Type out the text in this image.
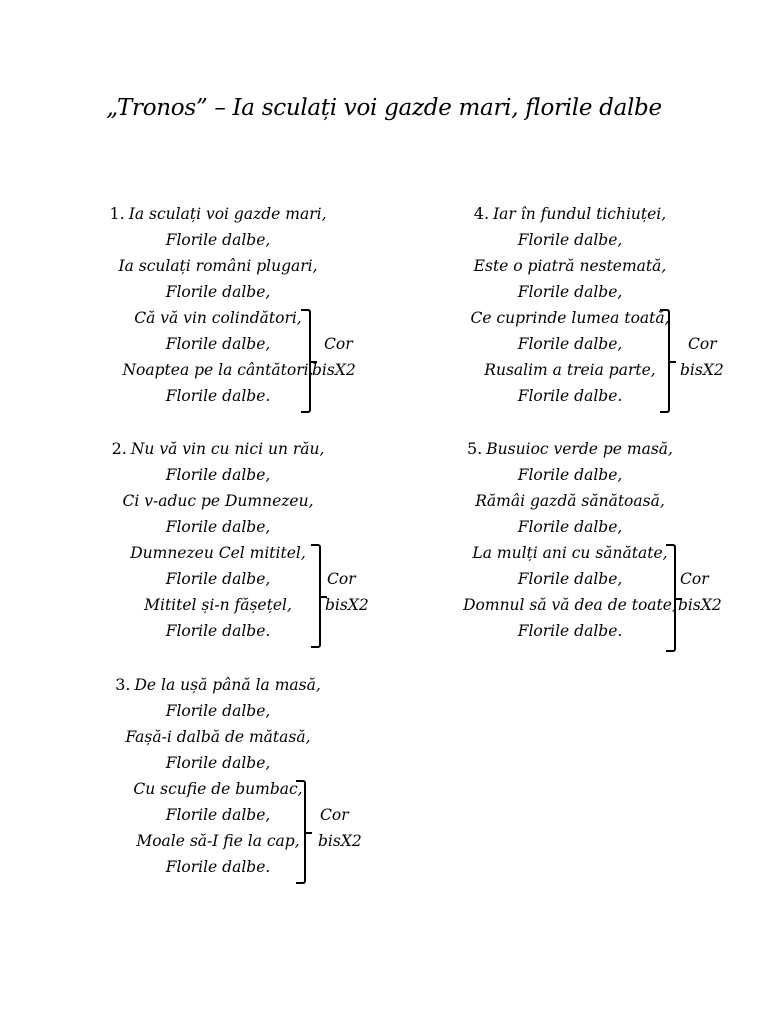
„Tronos” – Ia sculați voi gazde mari, florile dalbe
1. Ia sculați voi gazde mari,
Florile dalbe,
Ia sculați români plugari,
Florile dalbe,
Că vă vin colindători,
Florile dalbe,
Noaptea pe la cântători,
Florile dalbe.
Cor
bisX2
2. Nu vă vin cu nici un rău,
Florile dalbe,
Ci v-aduc pe Dumnezeu,
Florile dalbe,
Dumnezeu Cel mititel,
Florile dalbe,
Mititel și-n fășețel,
Florile dalbe.
Cor
bisX2
3. De la ușă până la masă,
Florile dalbe,
Fașă-i dalbă de mătasă,
Florile dalbe,
Cu scufie de bumbac,
Florile dalbe,
Moale să-I fie la cap,
Florile dalbe.
Cor
bisX2
4. Iar în fundul tichiuței,
Florile dalbe,
Este o piatră nestemată,
Florile dalbe,
Ce cuprinde lumea toată,
Florile dalbe,
Rusalim a treia parte,
Florile dalbe.
Cor
bisX2
5. Busuioc verde pe masă,
Florile dalbe,
Rămâi gazdă sănătoasă,
Florile dalbe,
La mulți ani cu sănătate,
Florile dalbe,
Domnul să vă dea de toate,
Florile dalbe.
Cor
bisX2
